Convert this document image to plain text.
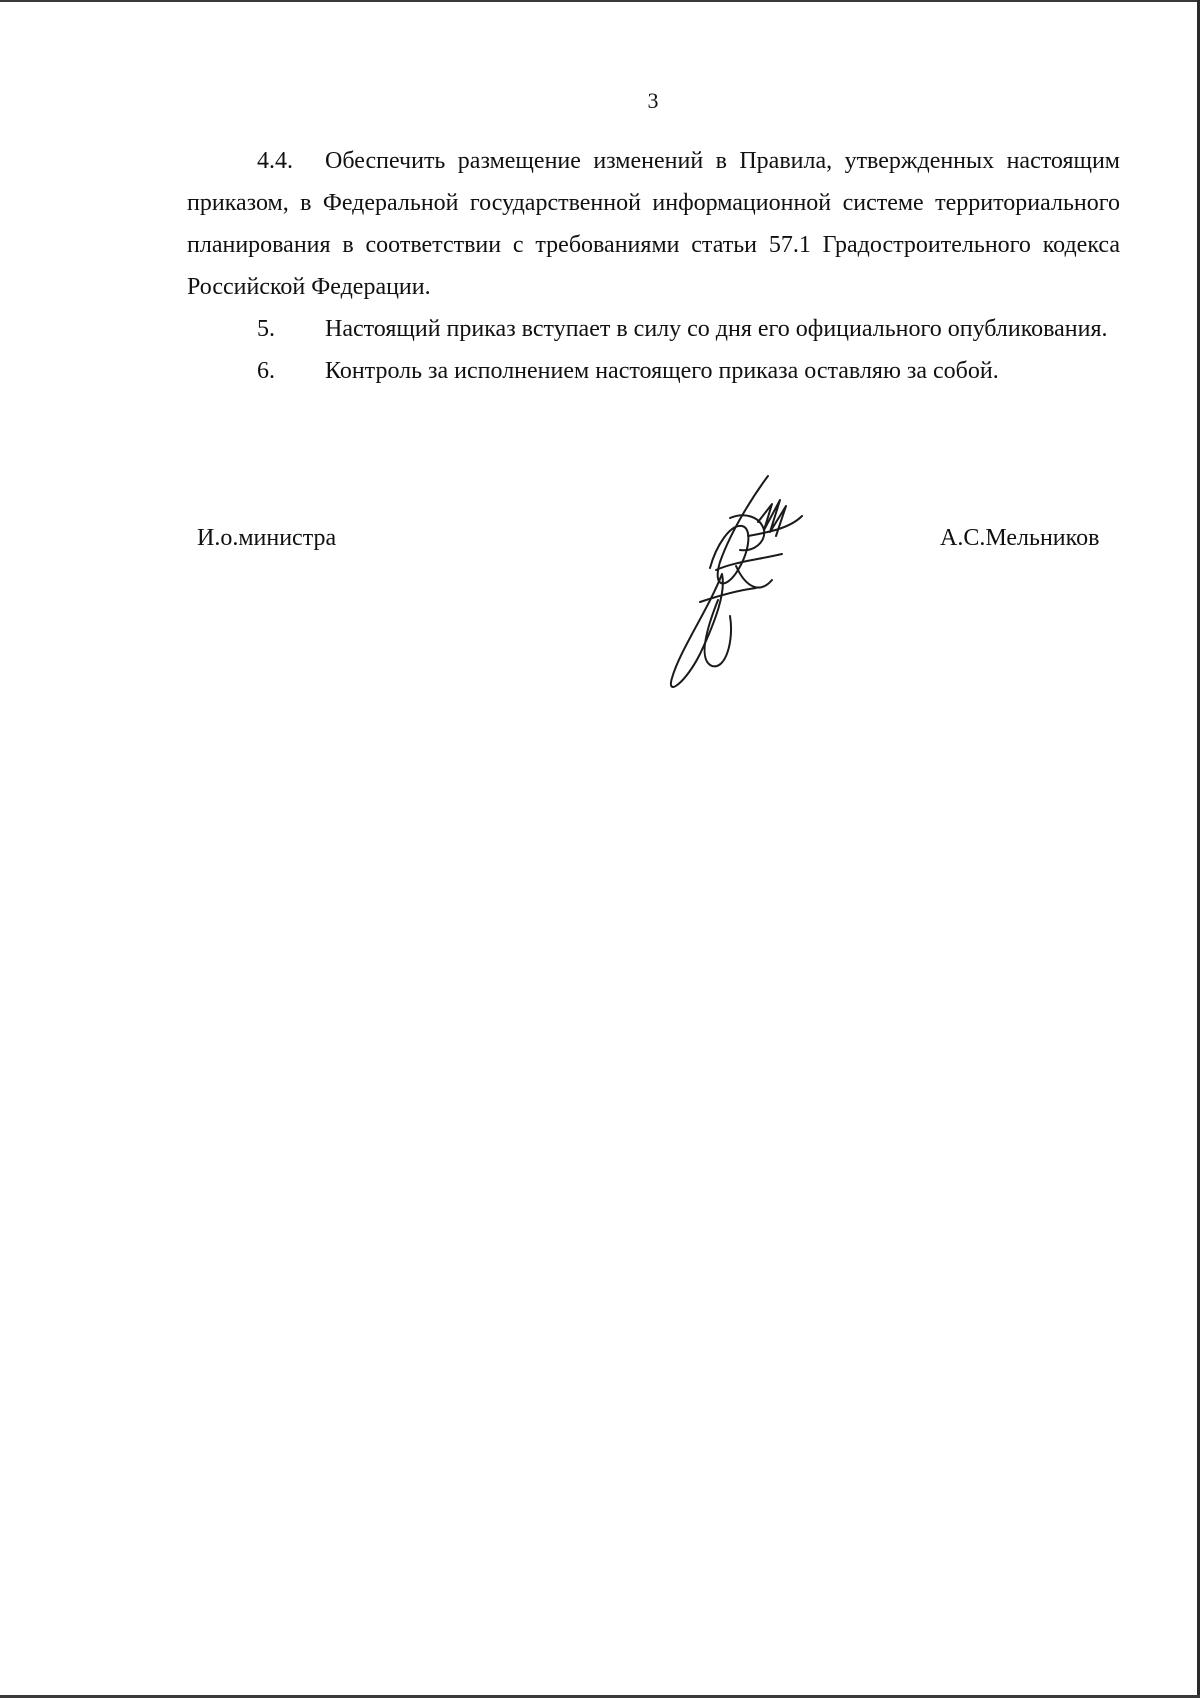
3

4.4. Обеспечить размещение изменений в Правила, утвержденных настоящим приказом, в Федеральной государственной информационной системе территориального планирования в соответствии с требованиями статьи 57.1 Градостроительного кодекса Российской Федерации.

5. Настоящий приказ вступает в силу со дня его официального опубликования.

6. Контроль за исполнением настоящего приказа оставляю за собой.

И.о.министра	А.С.Мельников
